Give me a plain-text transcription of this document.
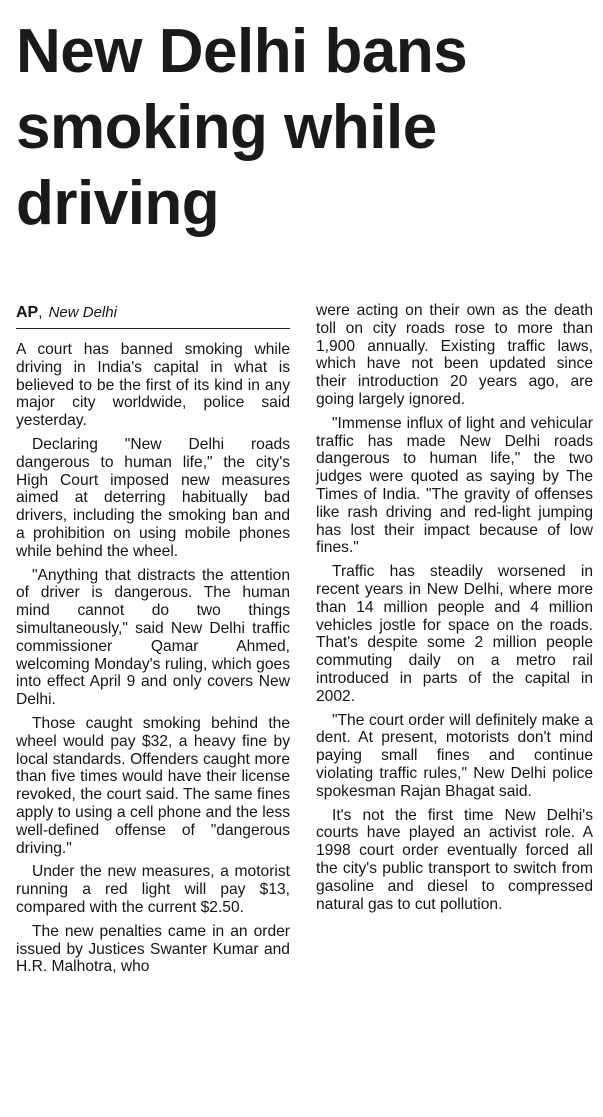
New Delhi bans smoking while driving
AP, New Delhi

A court has banned smoking while driving in India's capital in what is believed to be the first of its kind in any major city worldwide, police said yesterday.

Declaring "New Delhi roads dangerous to human life," the city's High Court imposed new measures aimed at deterring habitually bad drivers, including the smoking ban and a prohibition on using mobile phones while behind the wheel.

"Anything that distracts the attention of driver is dangerous. The human mind cannot do two things simultaneously," said New Delhi traffic commissioner Qamar Ahmed, welcoming Monday's ruling, which goes into effect April 9 and only covers New Delhi.

Those caught smoking behind the wheel would pay $32, a heavy fine by local standards. Offenders caught more than five times would have their license revoked, the court said. The same fines apply to using a cell phone and the less well-defined offense of "dangerous driving."

Under the new measures, a motorist running a red light will pay $13, compared with the current $2.50.

The new penalties came in an order issued by Justices Swanter Kumar and H.R. Malhotra, who

were acting on their own as the death toll on city roads rose to more than 1,900 annually. Existing traffic laws, which have not been updated since their introduction 20 years ago, are going largely ignored.

"Immense influx of light and vehicular traffic has made New Delhi roads dangerous to human life," the two judges were quoted as saying by The Times of India. "The gravity of offenses like rash driving and red-light jumping has lost their impact because of low fines."

Traffic has steadily worsened in recent years in New Delhi, where more than 14 million people and 4 million vehicles jostle for space on the roads. That's despite some 2 million people commuting daily on a metro rail introduced in parts of the capital in 2002.

"The court order will definitely make a dent. At present, motorists don't mind paying small fines and continue violating traffic rules," New Delhi police spokesman Rajan Bhagat said.

It's not the first time New Delhi's courts have played an activist role. A 1998 court order eventually forced all the city's public transport to switch from gasoline and diesel to compressed natural gas to cut pollution.
